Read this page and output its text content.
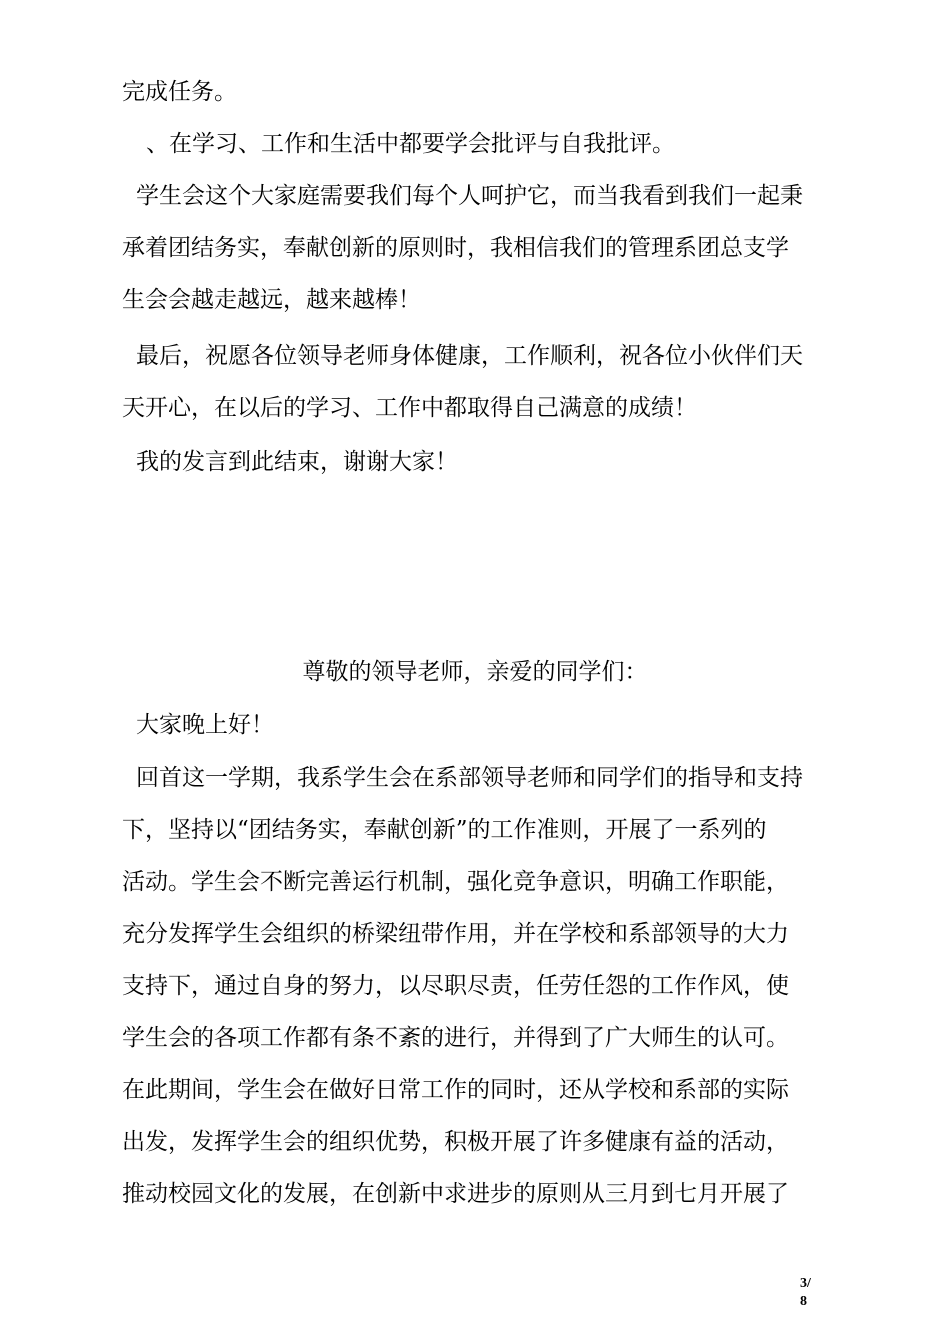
完成任务。
、在学习、工作和生活中都要学会批评与自我批评。
学生会这个大家庭需要我们每个人呵护它，而当我看到我们一起秉
承着团结务实，奉献创新的原则时，我相信我们的管理系团总支学
生会会越走越远，越来越棒！
最后，祝愿各位领导老师身体健康，工作顺利，祝各位小伙伴们天
天开心，在以后的学习、工作中都取得自己满意的成绩！
我的发言到此结束，谢谢大家！
尊敬的领导老师，亲爱的同学们：
大家晚上好！
回首这一学期，我系学生会在系部领导老师和同学们的指导和支持
下，坚持以“团结务实，奉献创新”的工作准则，开展了一系列的
活动。学生会不断完善运行机制，强化竞争意识，明确工作职能，
充分发挥学生会组织的桥梁纽带作用，并在学校和系部领导的大力
支持下，通过自身的努力，以尽职尽责，任劳任怨的工作作风，使
学生会的各项工作都有条不紊的进行，并得到了广大师生的认可。
在此期间，学生会在做好日常工作的同时，还从学校和系部的实际
出发，发挥学生会的组织优势，积极开展了许多健康有益的活动，
推动校园文化的发展，在创新中求进步的原则从三月到七月开展了
3/
8
